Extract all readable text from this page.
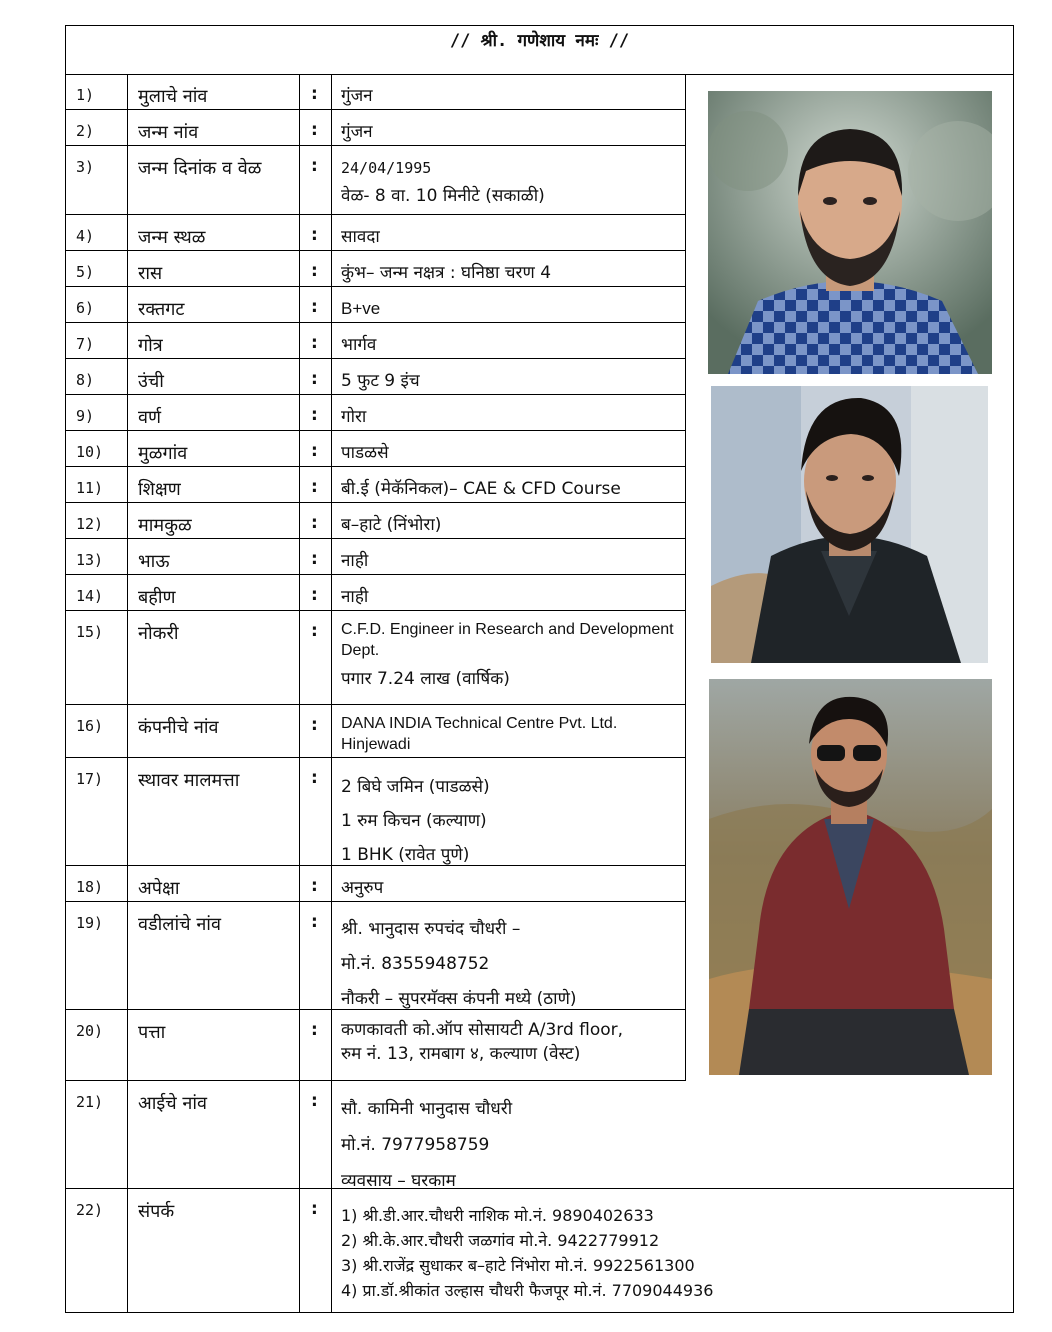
// श्री. गणेशाय नमः //
1)	मुलाचे नांव	:	गुंजन
2)	जन्म नांव	:	गुंजन
3)	जन्म दिनांक व वेळ	:	24/04/1995
वेळ- 8 वा. 10 मिनीटे (सकाळी)
4)	जन्म स्थळ	:	सावदा
5)	रास	:	कुंभ– जन्म नक्षत्र : घनिष्ठा चरण 4
6)	रक्तगट	:	B+ve
7)	गोत्र	:	भार्गव
8)	उंची	:	5 फुट 9 इंच
9)	वर्ण	:	गोरा
10)	मुळगांव	:	पाडळसे
11)	शिक्षण	:	बी.ई (मेकॅनिकल)– CAE & CFD Course
12)	मामकुळ	:	ब–हाटे (निंभोरा)
13)	भाऊ	:	नाही
14)	बहीण	:	नाही
15)	नोकरी	:	C.F.D. Engineer in Research and Development Dept.
पगार 7.24 लाख (वार्षिक)
16)	कंपनीचे नांव	:	DANA INDIA Technical Centre Pvt. Ltd. Hinjewadi
17)	स्थावर मालमत्ता	:	2 बिघे जमिन (पाडळसे)
1 रुम किचन (कल्याण)
1 BHK (रावेत पुणे)
18)	अपेक्षा	:	अनुरुप
19)	वडीलांचे नांव	:	श्री. भानुदास रुपचंद चौधरी –
मो.नं. 8355948752
नौकरी – सुपरमॅक्स कंपनी मध्ये (ठाणे)
20)	पत्ता	:	कणकावती को.ऑप सोसायटी A/3rd floor,
रुम नं. 13, रामबाग ४, कल्याण (वेस्ट)
21)	आईचे नांव	:	सौ. कामिनी भानुदास चौधरी
मो.नं. 7977958759
व्यवसाय – घरकाम
22)	संपर्क	:	1) श्री.डी.आर.चौधरी नाशिक मो.नं. 9890402633
2) श्री.के.आर.चौधरी जळगांव मो.ने. 9422779912
3) श्री.राजेंद्र सुधाकर ब–हाटे निंभोरा मो.नं. 9922561300
4) प्रा.डॉ.श्रीकांत उल्हास चौधरी फैजपूर मो.नं. 7709044936
